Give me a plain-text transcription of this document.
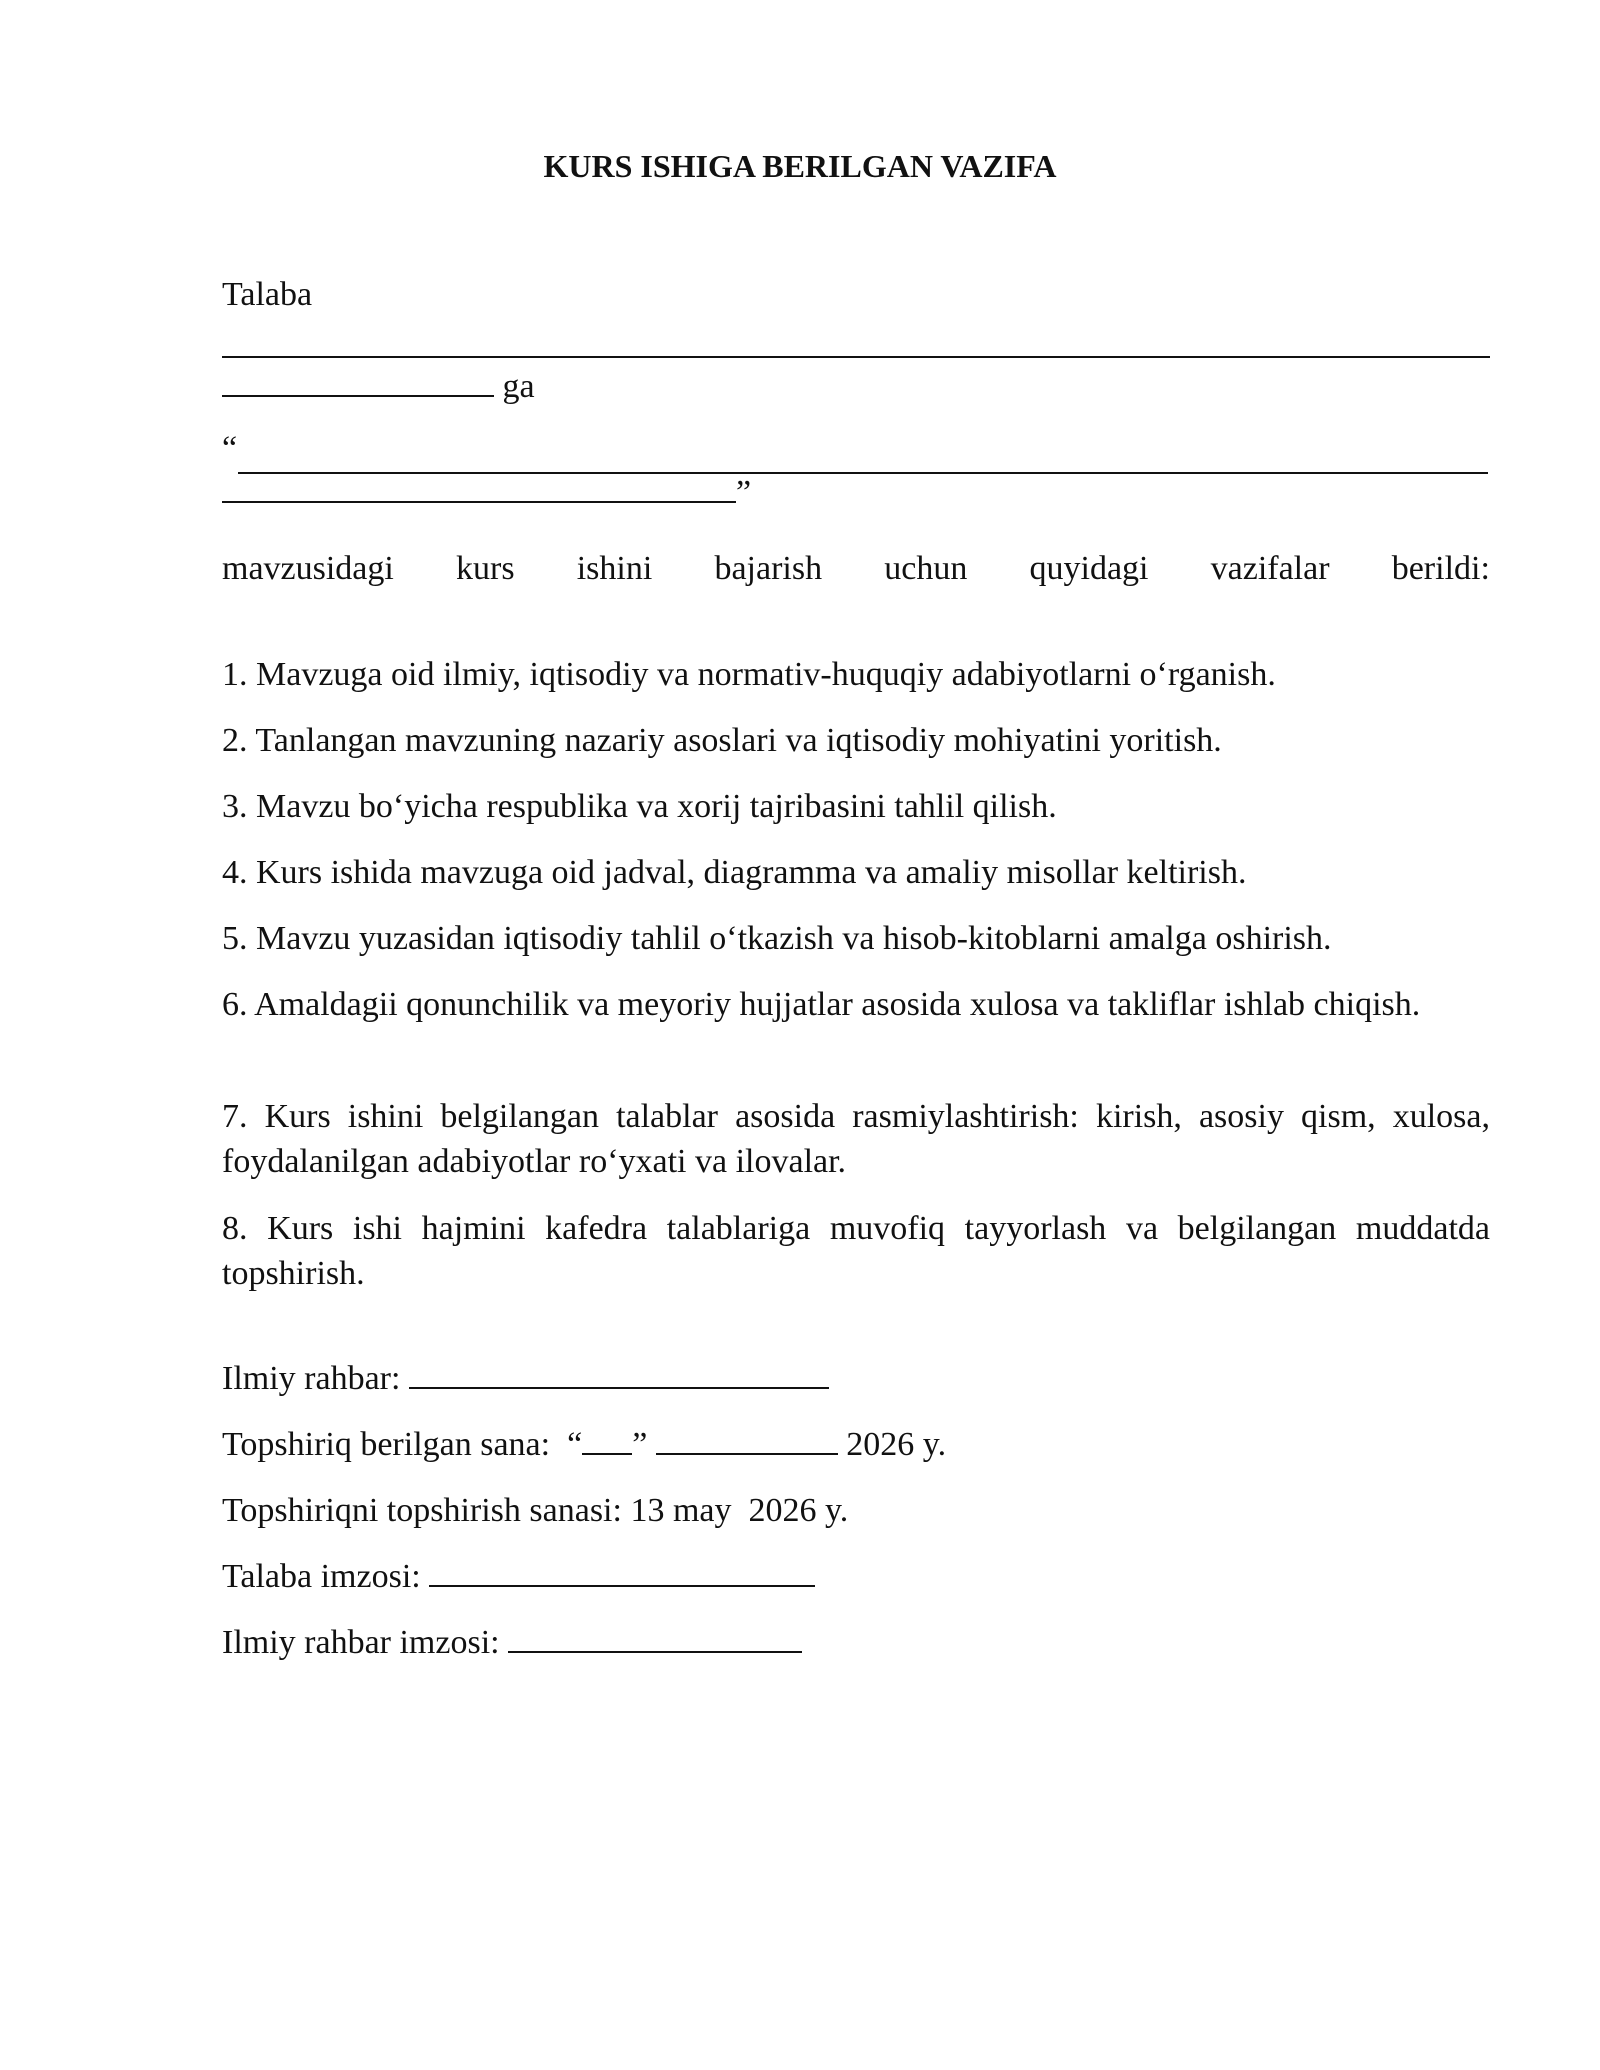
KURS ISHIGA BERILGAN VAZIFA
Talaba
ga
“
”
mavzusidagi kurs ishini bajarish uchun quyidagi vazifalar berildi:

1. Mavzuga oid ilmiy, iqtisodiy va normativ-huquqiy adabiyotlarni o‘rganish.

2. Tanlangan mavzuning nazariy asoslari va iqtisodiy mohiyatini yoritish.

3. Mavzu bo‘yicha respublika va xorij tajribasini tahlil qilish.

4. Kurs ishida mavzuga oid jadval, diagramma va amaliy misollar keltirish.

5. Mavzu yuzasidan iqtisodiy tahlil o‘tkazish va hisob-kitoblarni amalga oshirish.

6. Amaldagii qonunchilik va meyoriy hujjatlar asosida xulosa va takliflar ishlab chiqish.

7. Kurs ishini belgilangan talablar asosida rasmiylashtirish: kirish, asosiy qism, xulosa, foydalanilgan adabiyotlar ro‘yxati va ilovalar.

8. Kurs ishi hajmini kafedra talablariga muvofiq tayyorlash va belgilangan muddatda topshirish.

Ilmiy rahbar:
Topshiriq berilgan sana: “ ”	2026 y.
Topshiriqni topshirish sanasi: 13 may  2026 y.
Talaba imzosi:
Ilmiy rahbar imzosi:
